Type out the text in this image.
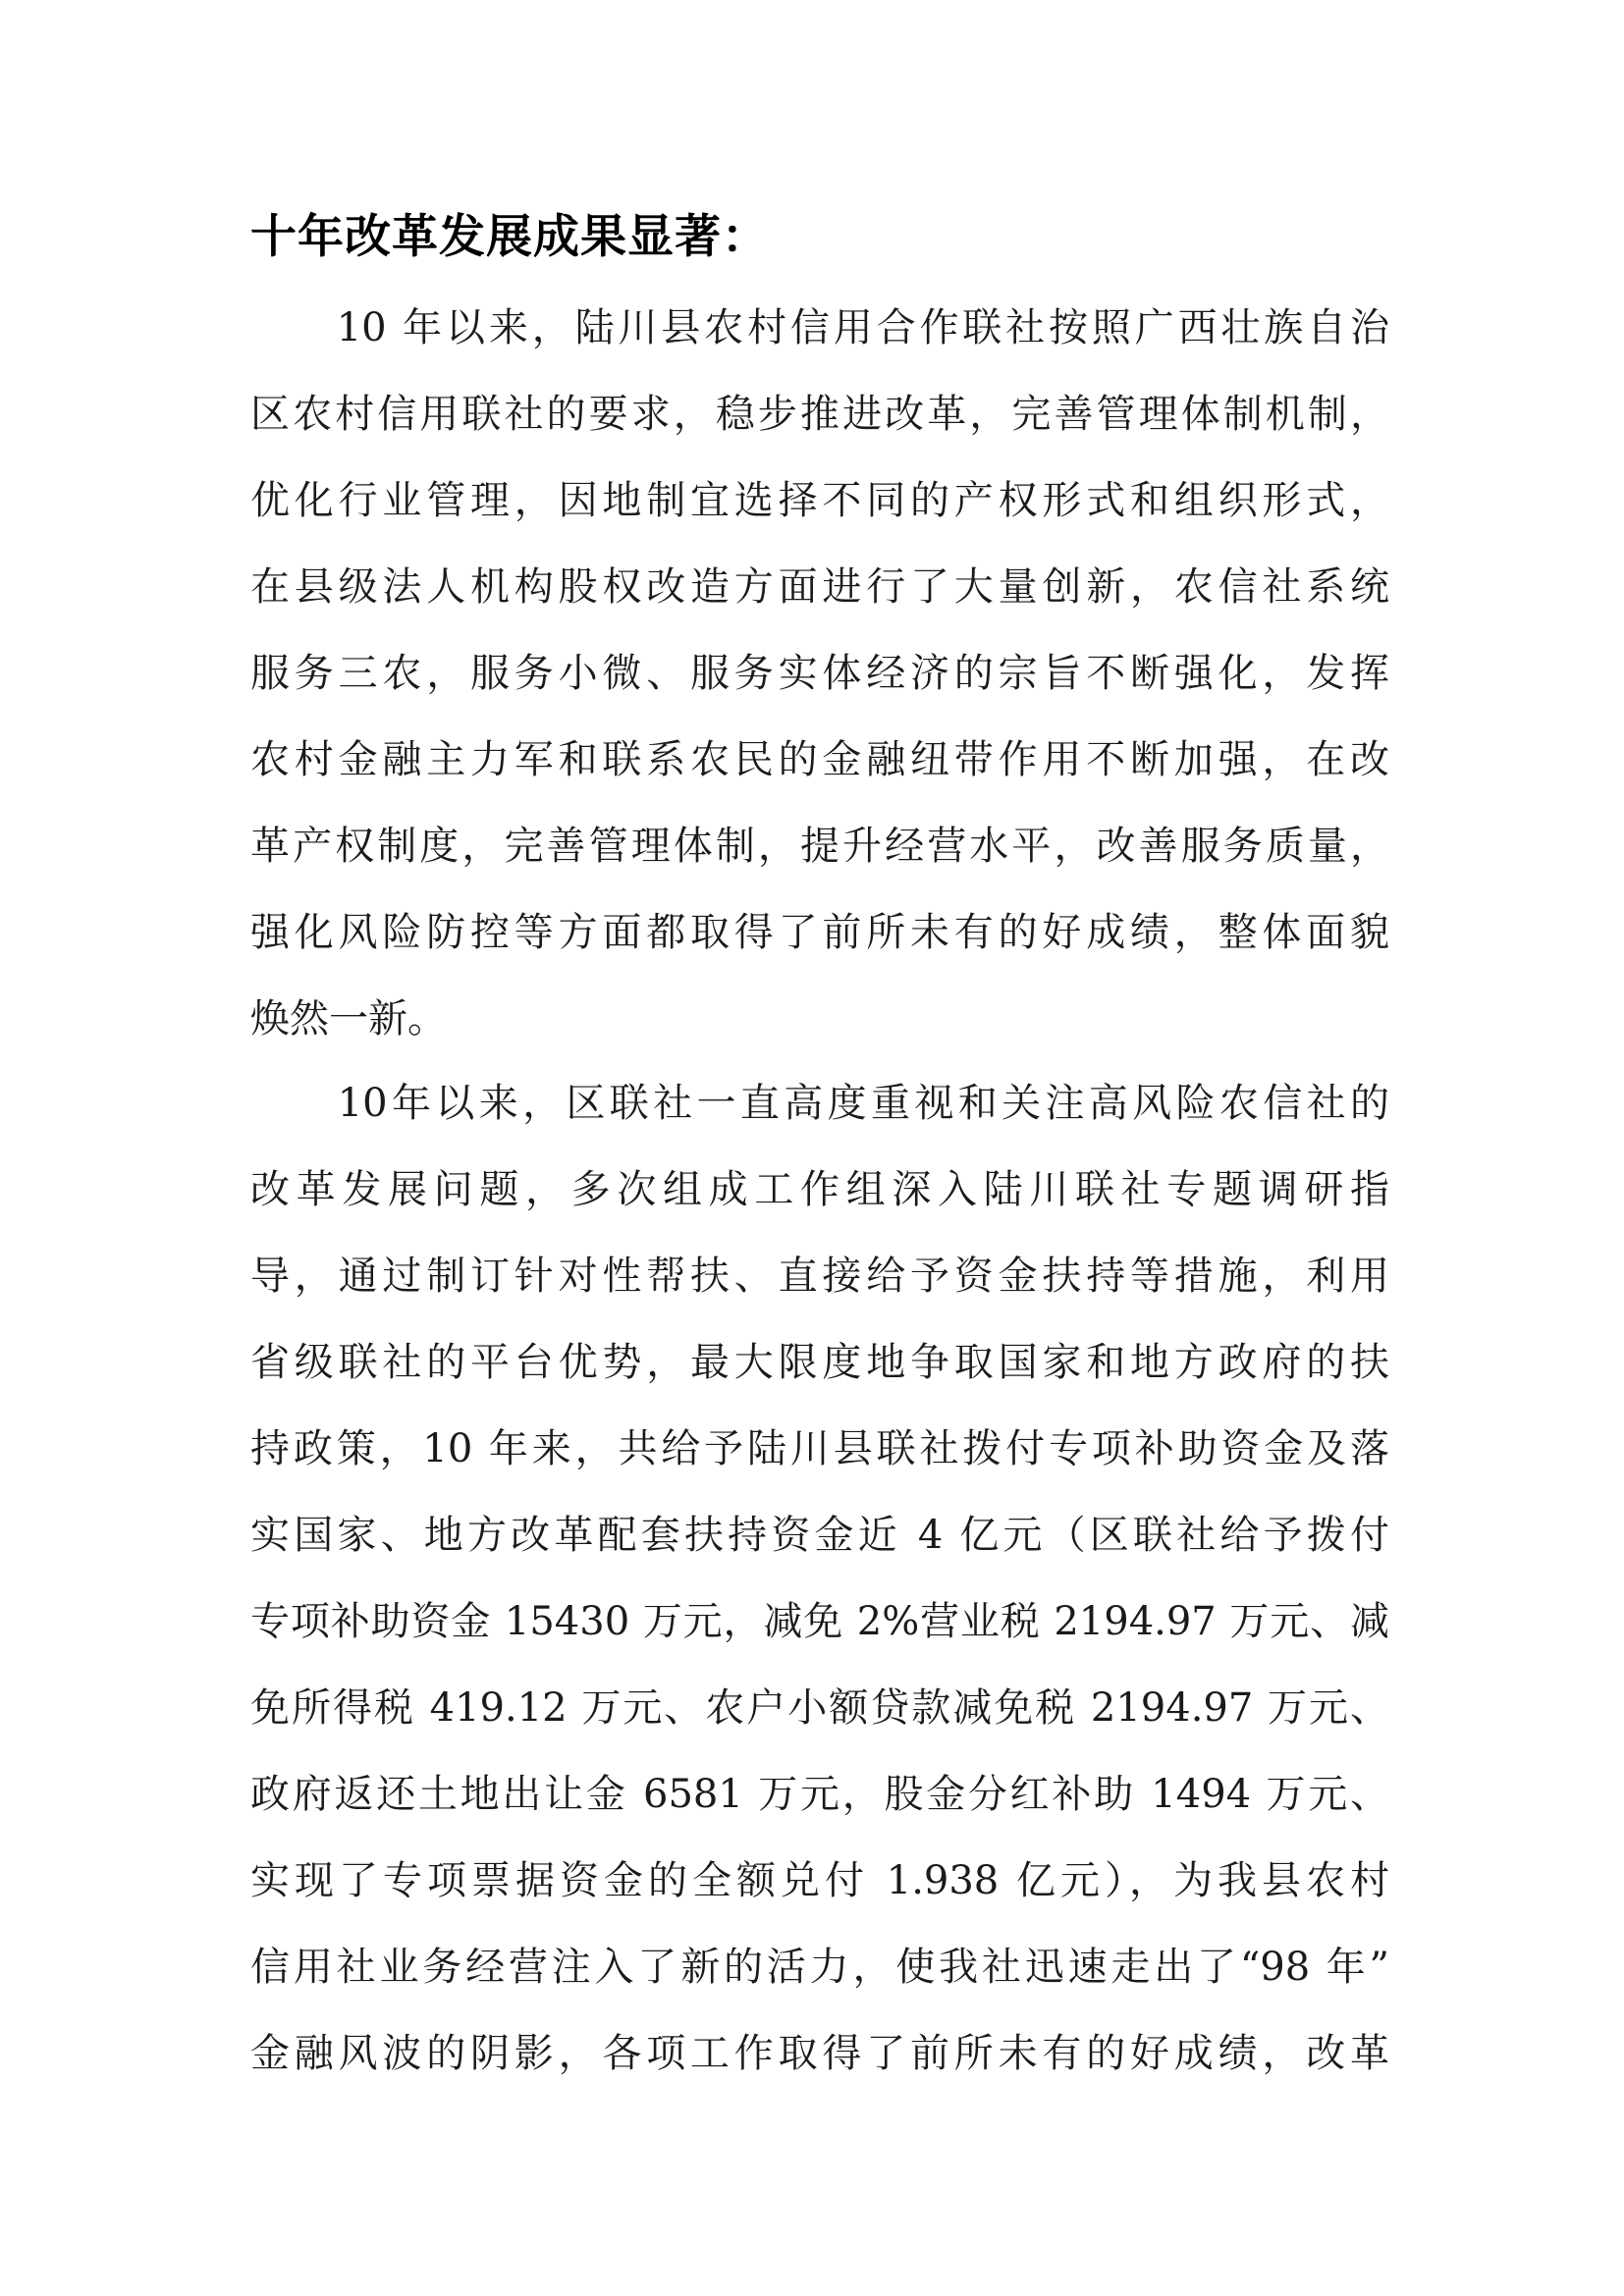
十年改革发展成果显著：
　　10 年以来，陆川县农村信用合作联社按照广西壮族自治
区农村信用联社的要求，稳步推进改革，完善管理体制机制，
优化行业管理，因地制宜选择不同的产权形式和组织形式，
在县级法人机构股权改造方面进行了大量创新，农信社系统
服务三农，服务小微、服务实体经济的宗旨不断强化，发挥
农村金融主力军和联系农民的金融纽带作用不断加强，在改
革产权制度，完善管理体制，提升经营水平，改善服务质量，
强化风险防控等方面都取得了前所未有的好成绩，整体面貌
焕然一新。
　　10年以来，区联社一直高度重视和关注高风险农信社的
改革发展问题，多次组成工作组深入陆川联社专题调研指
导，通过制订针对性帮扶、直接给予资金扶持等措施，利用
省级联社的平台优势，最大限度地争取国家和地方政府的扶
持政策，10 年来，共给予陆川县联社拨付专项补助资金及落
实国家、地方改革配套扶持资金近 4 亿元（区联社给予拨付
专项补助资金 15430 万元，减免 2%营业税 2194.97 万元、减
免所得税 419.12 万元、农户小额贷款减免税 2194.97 万元、
政府返还土地出让金 6581 万元，股金分红补助 1494 万元、
实现了专项票据资金的全额兑付 1.938 亿元），为我县农村
信用社业务经营注入了新的活力，使我社迅速走出了“98 年”
金融风波的阴影，各项工作取得了前所未有的好成绩，改革
